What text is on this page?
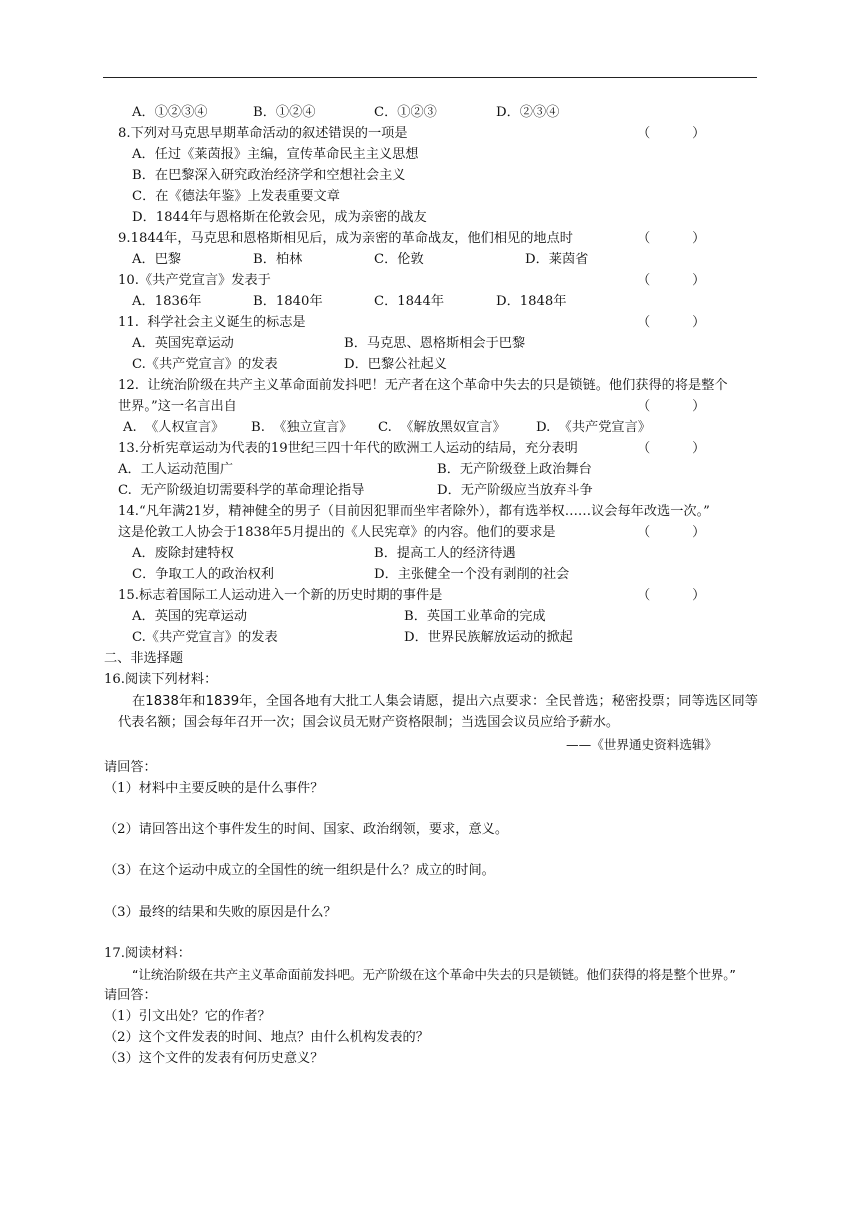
A．①②③④	B．①②④	C．①②③	D．②③④
8.下列对马克思早期革命活动的叙述错误的一项是	（          ）
A．任过《莱茵报》主编，宣传革命民主主义思想
B．在巴黎深入研究政治经济学和空想社会主义
C．在《德法年鉴》上发表重要文章
D．1844年与恩格斯在伦敦会见，成为亲密的战友
9.1844年，马克思和恩格斯相见后，成为亲密的革命战友，他们相见的地点时	（          ）
A．巴黎	B．柏林	C．伦敦	D．莱茵省
10.《共产党宣言》发表于	（          ）
A．1836年	B．1840年	C．1844年	D．1848年
11.  科学社会主义诞生的标志是	（          ）
A．英国宪章运动	B．马克思、恩格斯相会于巴黎
C.《共产党宣言》的发表	D．巴黎公社起义
12.  让统治阶级在共产主义革命面前发抖吧！无产者在这个革命中失去的只是锁链。他们获得的将是整个
世界。”这一名言出自	（          ）
A.  《人权宣言》 B.  《独立宣言》 C.  《解放黑奴宣言》 D.  《共产党宣言》
13.分析宪章运动为代表的19世纪三四十年代的欧洲工人运动的结局，充分表明	（          ）
A．工人运动范围广	B．无产阶级登上政治舞台
C.  无产阶级迫切需要科学的革命理论指导	D．无产阶级应当放弃斗争
14.“凡年满21岁，精神健全的男子（目前因犯罪而坐牢者除外），都有选举权……议会每年改选一次。”
这是伦敦工人协会于1838年5月提出的《人民宪章》的内容。他们的要求是	（          ）
A．废除封建特权	B．提高工人的经济待遇
C．争取工人的政治权利	D．主张健全一个没有剥削的社会
15.标志着国际工人运动进入一个新的历史时期的事件是	（          ）
A．英国的宪章运动	B．英国工业革命的完成
C.《共产党宣言》的发表	D．世界民族解放运动的掀起
二、非选择题
16.阅读下列材料：
在1838年和1839年，全国各地有大批工人集会请愿，提出六点要求：全民普选；秘密投票；同等选区同等代表名额；国会每年召开一次；国会议员无财产资格限制；当选国会议员应给予薪水。
——《世界通史资料选辑》
请回答：
（1）材料中主要反映的是什么事件？
（2）请回答出这个事件发生的时间、国家、政治纲领，要求，意义。
（3）在这个运动中成立的全国性的统一组织是什么？成立的时间。
（3）最终的结果和失败的原因是什么？
17.阅读材料：
“让统治阶级在共产主义革命面前发抖吧。无产阶级在这个革命中失去的只是锁链。他们获得的将是整个世界。”
请回答：
（1）引文出处？它的作者？
（2）这个文件发表的时间、地点？由什么机构发表的？
（3）这个文件的发表有何历史意义？
